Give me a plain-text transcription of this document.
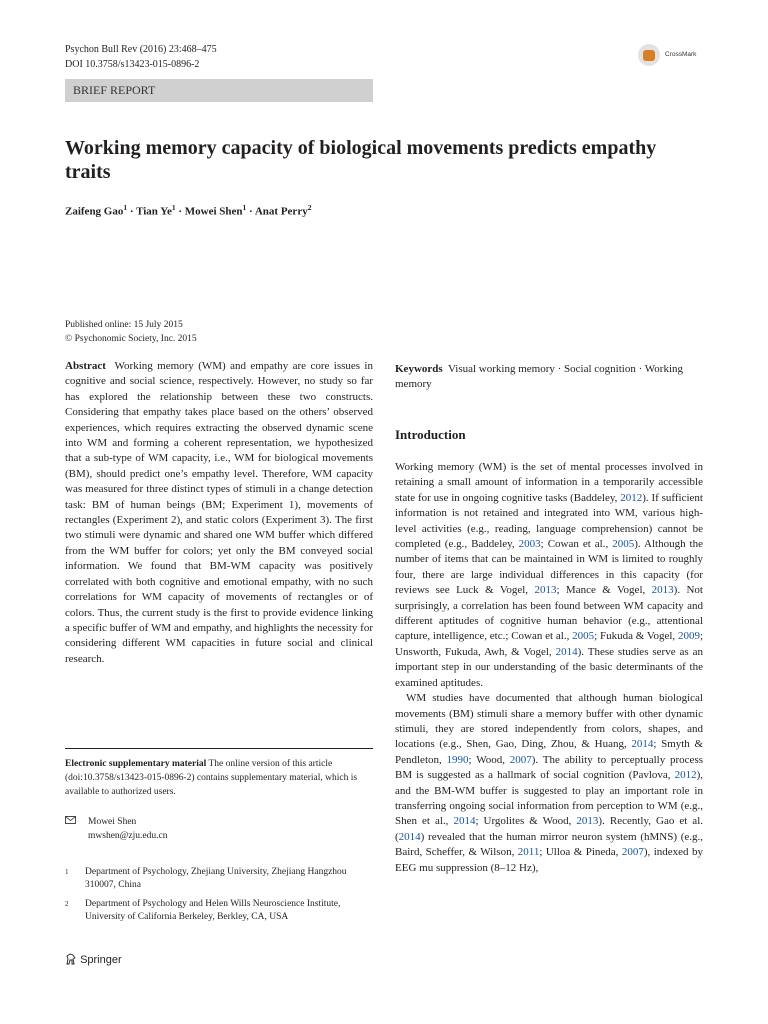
Psychon Bull Rev (2016) 23:468–475
DOI 10.3758/s13423-015-0896-2
CrossMark
BRIEF REPORT
Working memory capacity of biological movements predicts empathy traits
Zaifeng Gao$^1$ · Tian $Ye^1$ · Mowei Shen$^1$ · Anat Perry$^2$
Published online: 15 July 2015
© Psychonomic Society, Inc. 2015
Abstract Working memory (WM) and empathy are core issues in cognitive and social science, respectively. However, no study so far has explored the relationship between these two constructs. Considering that empathy takes place based on the others’ observed experiences, which requires extracting the observed dynamic scene into WM and forming a coherent representation, we hypothesized that a sub-type of WM capacity, i.e., WM for biological movements (BM), should predict one’s empathy level. Therefore, WM capacity was measured for three distinct types of stimuli in a change detection task: BM of human beings (BM; Experiment 1), movements of rectangles (Experiment 2), and static colors (Experiment 3). The first two stimuli were dynamic and shared one WM buffer which differed from the WM buffer for colors; yet only the BM conveyed social information. We found that BM-WM capacity was positively correlated with both cognitive and emotional empathy, with no such correlations for WM capacity of movements of rectangles or of colors. Thus, the current study is the first to provide evidence linking a specific buffer of WM and empathy, and highlights the necessity for considering different WM capacities in future social and clinical research.
Keywords Visual working memory · Social cognition · Working memory
Introduction

Working memory (WM) is the set of mental processes involved in retaining a small amount of information in a temporarily accessible state for use in ongoing cognitive tasks (Baddeley, 2012). If sufficient information is not retained and integrated into WM, various high-level activities (e.g., reading, language comprehension) cannot be completed (e.g., Baddeley, 2003; Cowan et al., 2005). Although the number of items that can be maintained in WM is limited to roughly four, there are large individual differences in this capacity (for reviews see Luck & Vogel, 2013; Mance & Vogel, 2013). Not surprisingly, a correlation has been found between WM capacity and different aptitudes of cognitive human behavior (e.g., attentional capture, intelligence, etc.; Cowan et al., 2005; Fukuda & Vogel, 2009; Unsworth, Fukuda, Awh, & Vogel, 2014). These studies serve as an important step in our understanding of the basic determinants of the examined aptitudes.

WM studies have documented that although human biological movements (BM) stimuli share a memory buffer with other dynamic stimuli, they are stored independently from colors, shapes, and locations (e.g., Shen, Gao, Ding, Zhou, & Huang, 2014; Smyth & Pendleton, 1990; Wood, 2007). The ability to perceptually process BM is suggested as a hallmark of social cognition (Pavlova, 2012), and the BM-WM buffer is suggested to play an important role in transferring ongoing social information from perception to WM (e.g., Shen et al., 2014; Urgolites & Wood, 2013). Recently, Gao et al. (2014) revealed that the human mirror neuron system (hMNS) (e.g., Baird, Scheffer, & Wilson, 2011; Ulloa & Pineda, 2007), indexed by EEG mu suppression (8–12 Hz),

Electronic supplementary material The online version of this article (doi:10.3758/s13423-015-0896-2) contains supplementary material, which is available to authorized users.
Mowei Shen
mwshen@zju.edu.cn
1 Department of Psychology, Zhejiang University, Zhejiang Hangzhou 310007, China
2 Department of Psychology and Helen Wills Neuroscience Institute, University of California Berkeley, Berkley, CA, USA
Springer
